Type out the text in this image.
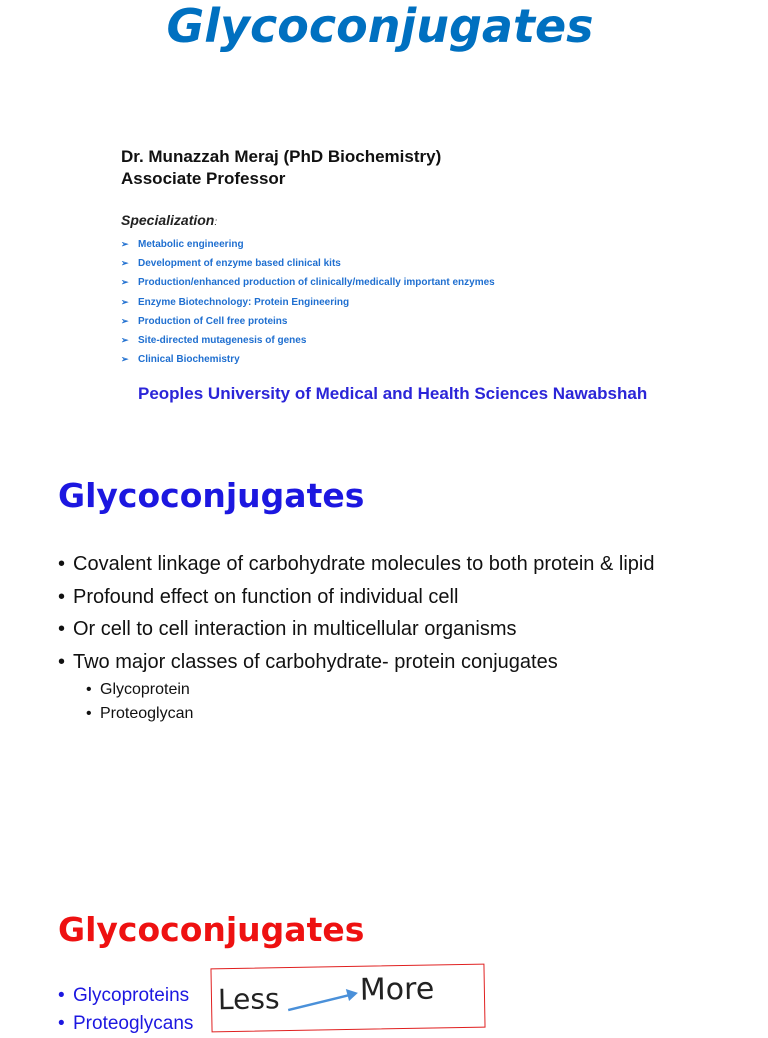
Glycoconjugates
Dr. Munazzah Meraj (PhD Biochemistry)
Associate Professor
Specialization:
➢ Metabolic engineering
➢ Development of enzyme based clinical kits
➢ Production/enhanced production of clinically/medically important enzymes
➢ Enzyme Biotechnology: Protein Engineering
➢ Production of Cell free proteins
➢ Site-directed mutagenesis of genes
➢ Clinical Biochemistry
Peoples University of Medical and Health Sciences Nawabshah
Glycoconjugates
• Covalent linkage of carbohydrate molecules to both protein & lipid
• Profound effect on function of individual cell
• Or cell to cell interaction in multicellular organisms
• Two major classes of carbohydrate- protein conjugates
• Glycoprotein
• Proteoglycan
Glycoconjugates
• Glycoproteins
• Proteoglycans
Less	More
